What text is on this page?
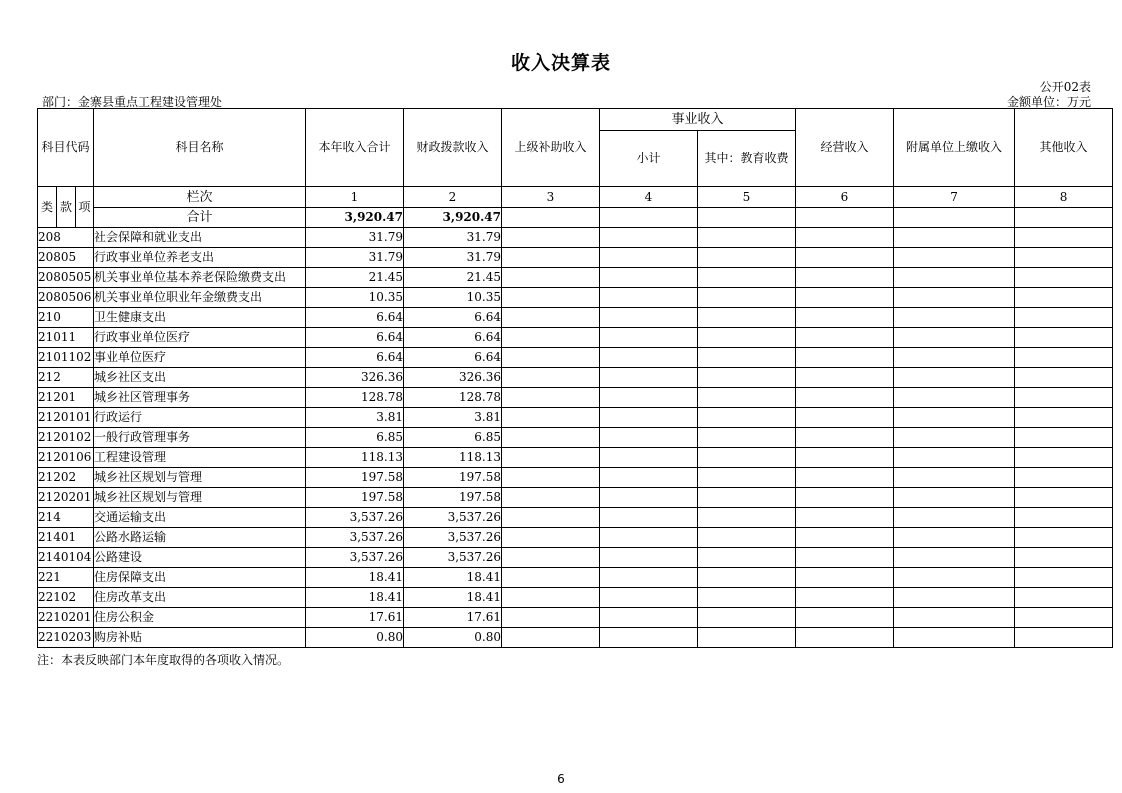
收入决算表
公开02表
部门：金寨县重点工程建设管理处	金额单位：万元
科目代码			科目名称	本年收入合计	财政拨款收入	上级补助收入	事业收入		经营收入	附属单位上缴收入	其他收入
							小计	其中：教育收费			

类	款	项	栏次	1	2	3	4	5	6	7	8
			合计	3,920.47	3,920.47						
208			社会保障和就业支出	31.79	31.79						
20805			行政事业单位养老支出	31.79	31.79						
2080505			机关事业单位基本养老保险缴费支出	21.45	21.45						
2080506			机关事业单位职业年金缴费支出	10.35	10.35						
210			卫生健康支出	6.64	6.64						
21011			行政事业单位医疗	6.64	6.64						
2101102			事业单位医疗	6.64	6.64						
212			城乡社区支出	326.36	326.36						
21201			城乡社区管理事务	128.78	128.78						
2120101			行政运行	3.81	3.81						
2120102			一般行政管理事务	6.85	6.85						
2120106			工程建设管理	118.13	118.13						
21202			城乡社区规划与管理	197.58	197.58						
2120201			城乡社区规划与管理	197.58	197.58						
214			交通运输支出	3,537.26	3,537.26						
21401			公路水路运输	3,537.26	3,537.26						
2140104			公路建设	3,537.26	3,537.26						
221			住房保障支出	18.41	18.41						
22102			住房改革支出	18.41	18.41						
2210201			住房公积金	17.61	17.61						
2210203			购房补贴	0.80	0.80						
注：本表反映部门本年度取得的各项收入情况。
6
